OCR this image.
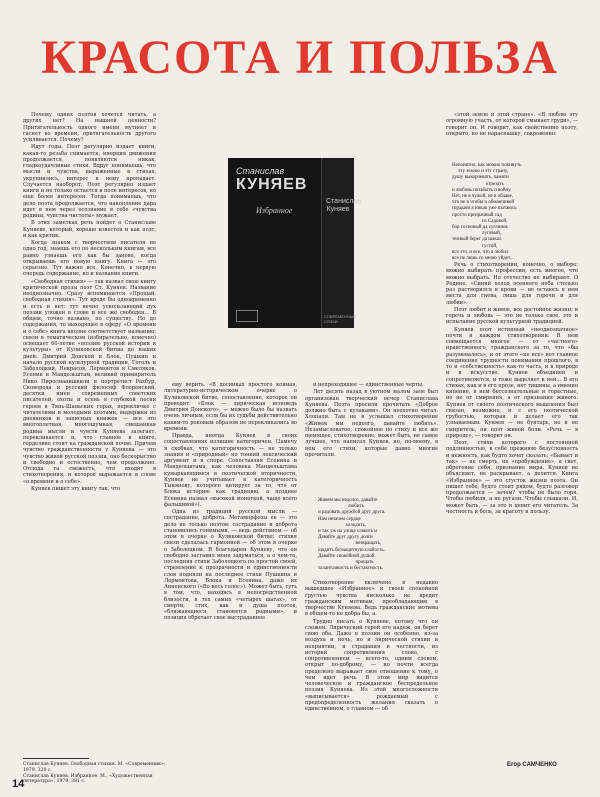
КРАСОТА И ПОЛЬЗА

Почему одних поэтов хочется читать, а других нет? На нышней ценности? Притягательность одного имени мутнеет и гаснет во времени, притягательность другого усиливается. Почему?

Идут годы. Поэт регулярно издает книги, какая-то резьба снимается, инерция движения продолжается, появляются никак, гладкоудачливые стихи. Вдруг понимаешь, что мысли и чувства, выраженные в стихах, укрупнились, интерес к нему пропадает. Случается наоборот. Поэт регулярно издает книги и не только остается в поле интересов, но еще более интересен. Тогда понимаешь, что дело поэта продолжается, что накопление дара идет в нем через осознание в себе «чувства родины, чувства чистоты» мужает.

В этих заметках речь пойдет о Станиславе Куняеве, который, хорошо известен и как поэт, и как критик.

Когда знаком с творчеством писателя не одно год, знаешь его по нескольким книгам, все равно узнаешь его как бы заново, когда открываешь его новую книгу. Книга — это серьезно. Тут важно все. Конечно, в первую очередь содержание, но и название книги.

«Свободная стихия» — так назвал свою книгу критической прозы поэт Ст. Куняев. Название неоднозначно. Сразу вспоминается «Прощай, свободная стихия». Тут вроде бы одновременно и есть и нет: тут вечно ускользающий дух поэзии уложен в слове и все же свободен... В общем, точно названо, по существу. Но до содержания, то выходящее в сферу «О времени и о себе» книга вполне соответствует названию: связи в тематическом (избирательно, конечно) освещает 60-летие «поэзию русской истории и культуры» от Куликовской битвы до наших дней. Дмитрий Донской и Блок, Пушкин и начало русской культурной традиции, Гоголь и Заболоцкий, Некрасов, Лермонтов и Смеляков, Есенин и Мандельштам, великий примиритель Нико Пиросманишвили и портретист Рахбур, Сковорода и русский философ Флоренский, десятки имен современных советских писателей, охоты и осень в глубокой песни героев в Тянь-Шаньских горах, перекличке с читателями и молодыми поэтами, выдержки из дневников и записных книжек — все это многоплетная, многошумная, смешанная родина мысли и чувств Куняева залегает, перекликается и, что главное в книге, горделиво стоит на гражданской почве. Причем чувство гражданственности у Куняева — это чувство живой русской поэзии, оно бескорыстно и свободно и естественно, чем продолжено. Отсюда та свежесть, что входит в стихотворения, и которое выражается в слове «о времени и о себе».

Куняев пишет эту книгу так, что

Станислав
КУНЯЕВ
Избранное
Станислав
Куняев
СОВРЕМЕННЫЙ СТИХИ

ему верить. «В досинках простого конная, литературно-историческом очерке о Куликовской битве, сопоставление, которое он проводит: «Блок — лирическая исповедь Дмитрия Донского», — можно было бы назвать очень личным, если бы их судьбы действительно каким-то роковым образом не перекликались во времени.

Правда, иногда Куняев в своих сопоставлениях излишне категоричен. (Замечу я скобках, что категоричность — не только знания и «природный» но тонкий лексический аргумент и в споре. Сопоставляя Есенина и Мандельштама, как человека Мандельштама кувыркающимся в поэтической вторичности, Куняев не учитывает в категоричность Тынянову, которого цитирует за то, что от Блока историю как традицию, а позднее Есенина назвал «высокой монеткой, чаще всего фальшивой»).

Одна из традиций русской мысли — сострадание, доброта. Метаморфозы ее — это дело не только поэтов: сострадание и доброта становились гонимыми, — ведь действием — об этом в очерке о Куликовской битве; стихия связи сделалась гармонией — об этом в очерке о Заболоцком. Я благодарен Куняеву, что он свободно заставил меня задуматься, а о чем-то, последняя стихи Заболоцкого по простой своей, стремление к прозрачности и единственности слов подняли на последнее стихи Пушкина и Лермонтова, Блока и Есенина, даже их Анненского («Во весь голос»). Может быть, суть в том, что, находясь в непосредственной близости, в тех самых «четырех шагах», от смерти, стих, как и душа поэтов, «ближающиеся, становятся родными», и позиция обретает свое выстраданное

и непреходящее — единственные черты.

Лет десять назад в уютном малом зале был организован творческий вечер Станислава Куняева. Поэта просили прочитать «Доброе должно быть с кулаками». Он неохотно читал. Хлопали. Там не в услышал стихотворение «Живем мы недолго, давайте любить». Незамысловатое, спокойное по стиху и все же щемящее, стихотворение, может быть, не самое лучшее, что написал Куняев, но, по-моему, в нем его стихи, которые давно многие прочитали.

Живем мы недолго, давайте
любить
и радовать дружбой друг друга.
Нам незачем сердце
холодить,
и так уж на улице слякоть и
Давайте друг другу долги
возвращать,
щадить беззащитную слабость.
Давайте спокойной душой
прощать
талантливость и бестактность.

Стихотворение включено в недавно вышедшее «Избранное» и своей спокойной грустью чувства нисколько не вредит гражданским мотивам, преобладающим в творчестве Куняева. Ведь гражданские мотивы в общем-то не добра бы, а.

Трудно писать о Куняеве, потому что он сложен. Лирический герой его надеж, он берет свою оба. Даже в поэзии он особенно, из-за воздуха и ночь, но и лирической стихии и неприятии, и страдания и честности, из истории сопротивления слово, с сопротивлением — всего-то, одним словом, открыт по-доброму, — но почти всегда пределено выражает свое отношение к тому, о чем идет речь. В этом мир видится человеческое и гражданское беспредельное поэзия Куняева. Из этой многосложности «выписывается» рождаемый с предопределенность желания сказать о единственном, о главном — об

«этой земле и этой стране». «Я люблю эту огромную участь, от которой смыкает груди», — говорит он. И говорит, как свойственно поэту, открыто, но не нараспашку, сокровенно:

Непонятно, как можно покинуть
эту землю и эту страну,
душу выкорчевать, памяти
отрезать
и любовь позабыть и войну.
Нет, не в чужой, не в облаке,
что не в чтобы и обманчивой
гордыни я никак уже пытаюсь
просто призрачный сад
из Садовой,
бор сосновый да суглинок
луговый,
темный берег да шакал
густой,
все это, и все, что я любил
все не лишь со мною уйдет...

Речь о стихотворении, конечно, о выборе: можно выбирать профессии, есть многое, что можно выбрать. Но отечество не выбирают. О Родине. «Синий холод осеннего неба столько раз растворился в крови — не остаюсь в нем места для гнева, лишь для горечи и для любви».

Поэт любит и живое, все достойное жизни; и горечь и любовь — это не только свое, это и испытание русской культурной традицией.

Куняев поэт истинный «неоднозначное» почти в каждом стихотворении. В нем совмещается многое — от «частного» нравственного, гражданского за то, что «бы разумевалось», и от этого «не все» вот главное соединение трудности понимания прошлого, в то и «собственность» как-то часть, и в природе и в искусстве. Куняев объединен и сопротивляется, и тоже выделяет в ней... В его стихах, как и в его прозе, нет тишины, а именно кипение, в нем бессознательные и горестные, но не от смирения, а от признания живого. Куняев от своего поэтического мышления был связан, возможно, и с его поэтической грубостью, которая и делает его так узнаваемым. Куняев — не бунтарь, но и не смиритель, он поэт живой боли. «Речь — в природе», — говорит он.

Поэт, стихи которого с постоянной подлинностью, в себе прежнюю безусловность и нежность, как будто хочет сказать: «Бывает и так» — не смерть, не «пробуждение», а свет, обретение себя, признание мира. Куняев не объясняет, не раскрывает, а делится. Книга «Избранное» — это сгусток жизни поэта. Он пишет тебе, будто стоит рядом, будто разговор продолжается — зачем? чтобы не было горя. Чтобы любили, а не ругали. Чтобы слышали. И, может быть, — за это и ценит его читатель. За честность и боль, за красоту и пользу.

Станислав Куняев. Свободная стихия. М. «Современник», 1979. 320 с.
Станислав Куняев. Избранное. М., «Художественная литература», 1979. 381 с.
Егор САМЧЕНКО
14
